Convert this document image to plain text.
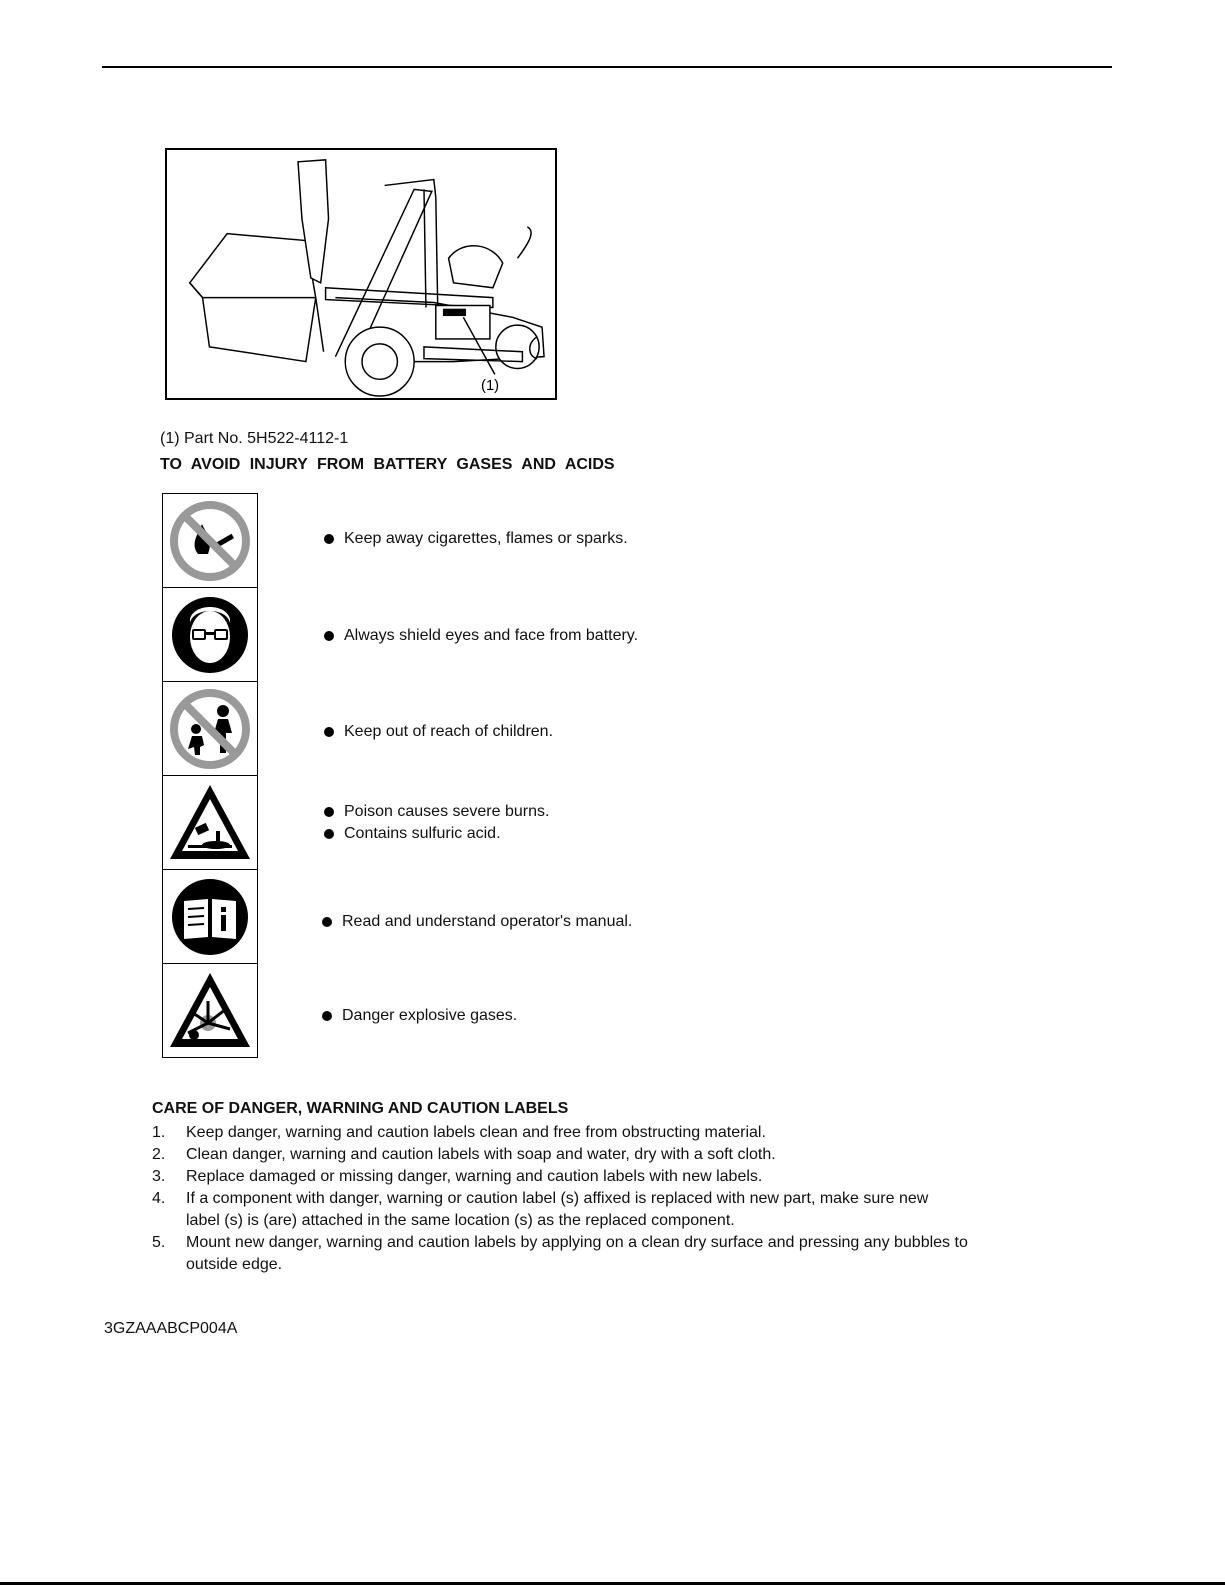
(1)
(1) Part No. 5H522-4112-1
TO AVOID INJURY FROM BATTERY GASES AND ACIDS
Keep away cigarettes, flames or sparks.
Always shield eyes and face from battery.
Keep out of reach of children.
Poison causes severe burns.
Contains sulfuric acid.
Read and understand operator's manual.
Danger explosive gases.
CARE OF DANGER, WARNING AND CAUTION LABELS
1.	Keep danger, warning and caution labels clean and free from obstructing material.
2.	Clean danger, warning and caution labels with soap and water, dry with a soft cloth.
3.	Replace damaged or missing danger, warning and caution labels with new labels.
4.	If a component with danger, warning or caution label (s) affixed is replaced with new part, make sure new
label (s) is (are) attached in the same location (s) as the replaced component.
5.	Mount new danger, warning and caution labels by applying on a clean dry surface and pressing any bubbles to
outside edge.
3GZAAABCP004A
